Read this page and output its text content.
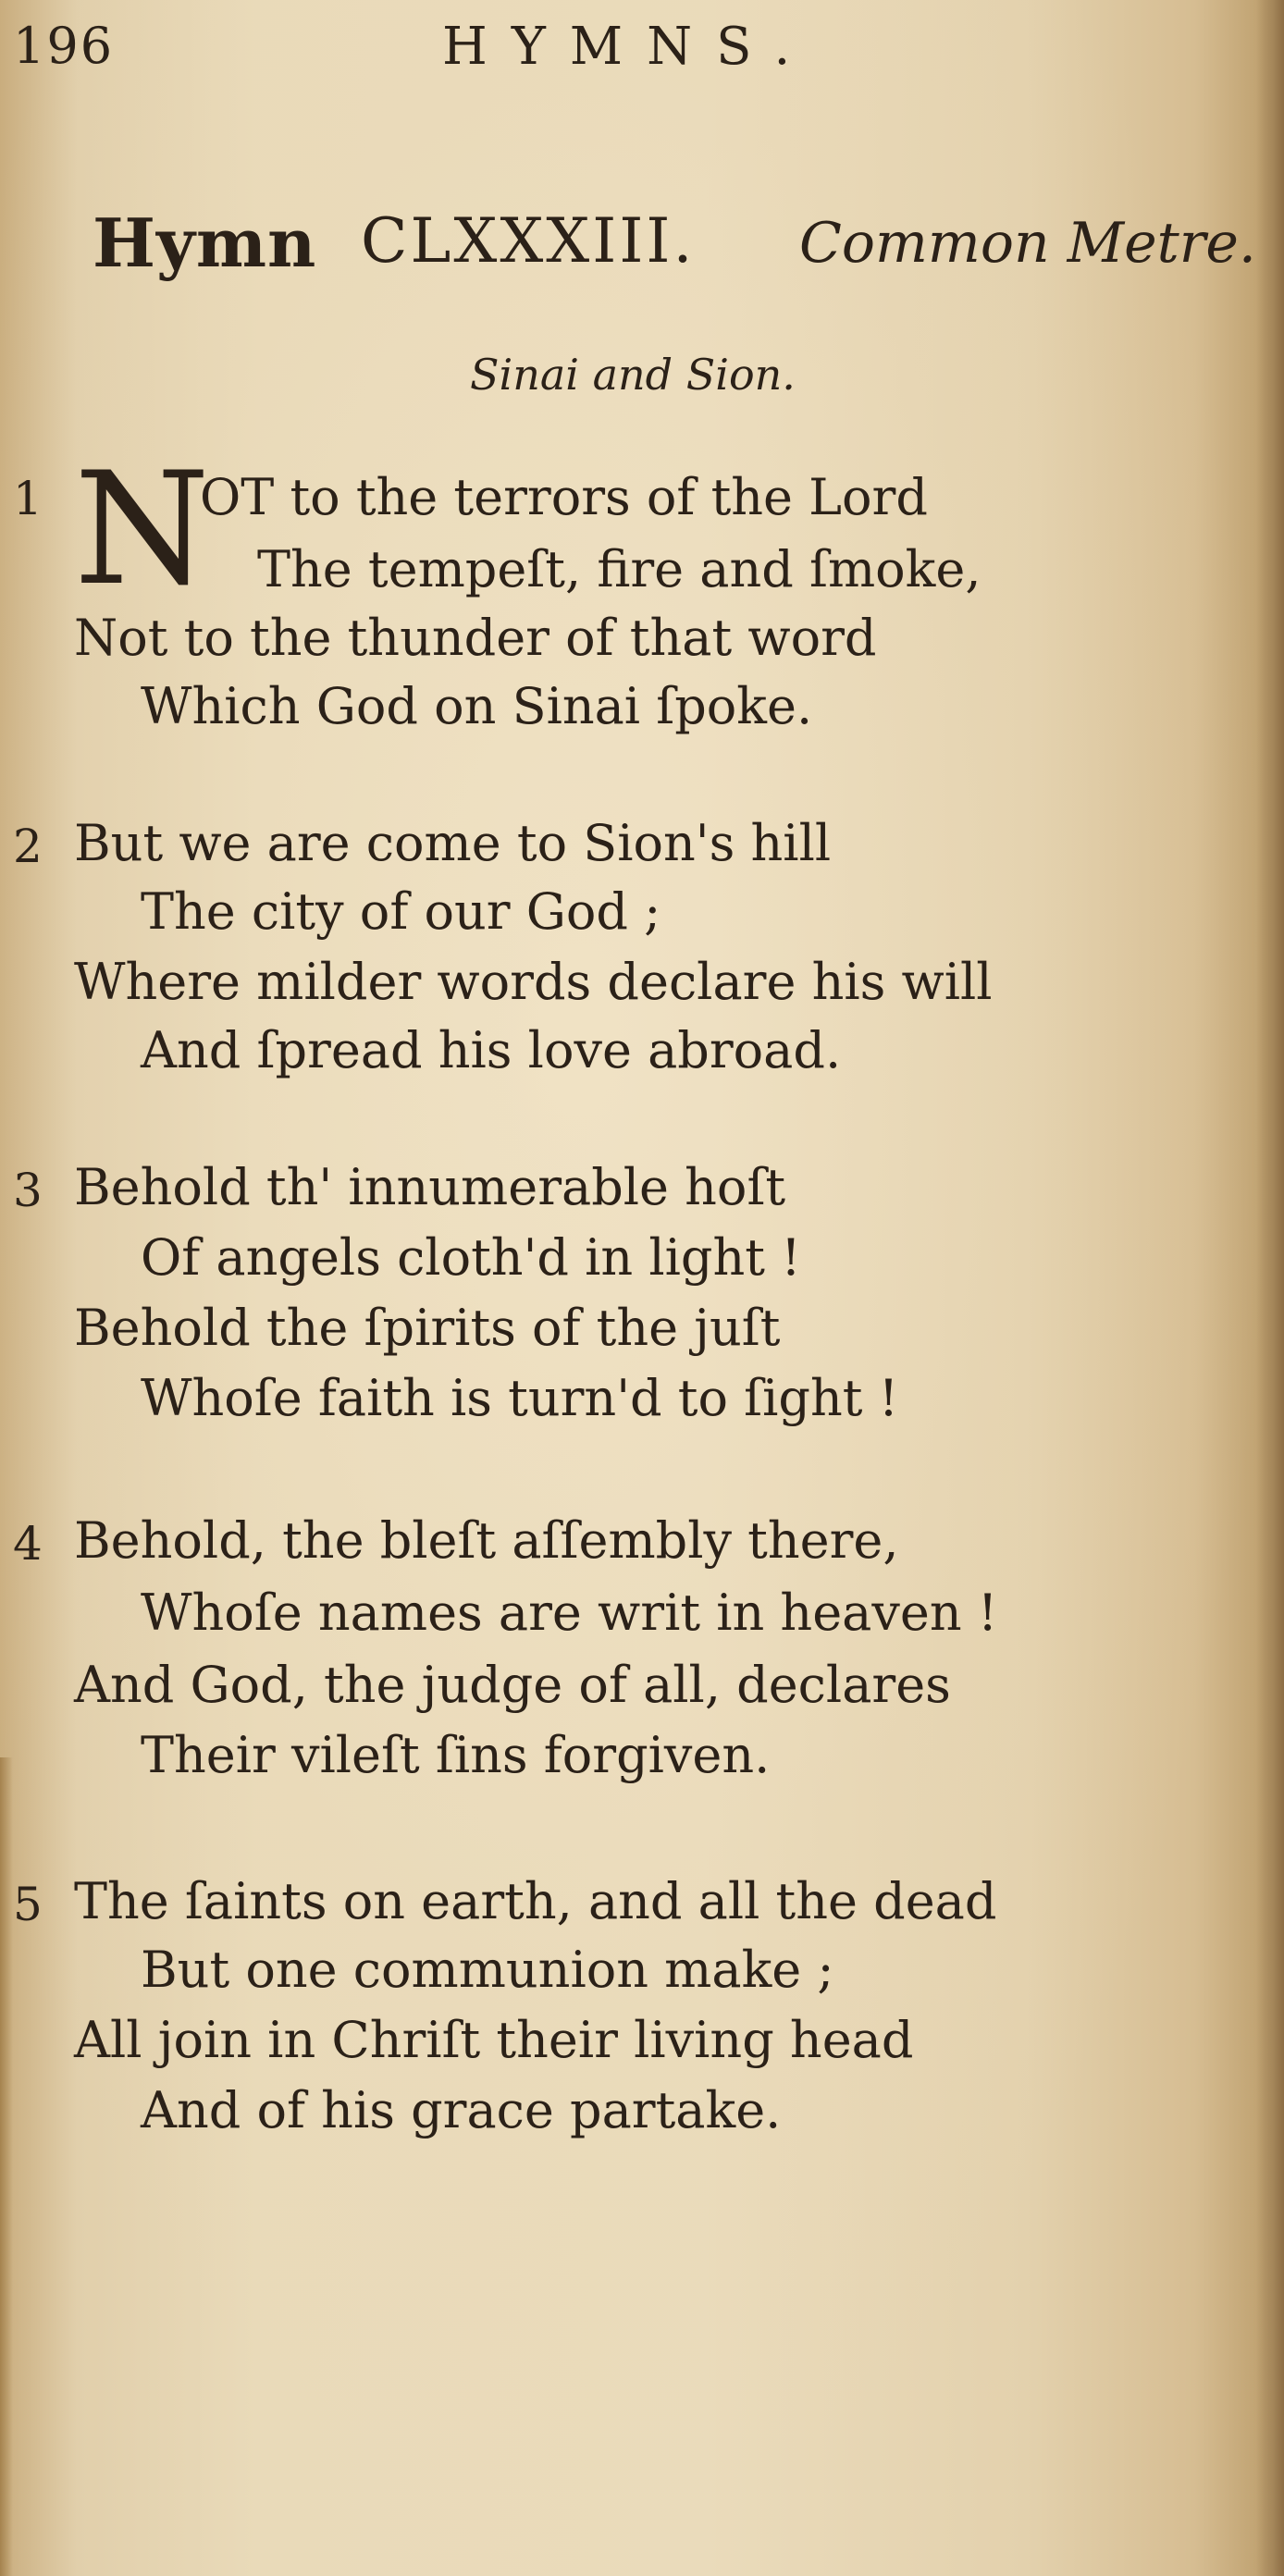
196	HYMNS.
Hymn CLXXXIII. Common Metre.
Sinai and Sion.
1 N
OT to the terrors of the Lord
The tempeſt, fire and ſmoke,
Not to the thunder of that word
Which God on Sinai ſpoke.
2 But we are come to Sion's hill
The city of our God ;
Where milder words declare his will
And ſpread his love abroad.
3 Behold th' innumerable hoſt
Of angels cloth'd in light !
Behold the ſpirits of the juſt
Whoſe faith is turn'd to ſight !
4 Behold, the bleſt aſſembly there,
Whoſe names are writ in heaven !
And God, the judge of all, declares
Their vileſt ſins forgiven.
5 The ſaints on earth, and all the dead
But one communion make ;
All join in Chriſt their living head
And of his grace partake.
